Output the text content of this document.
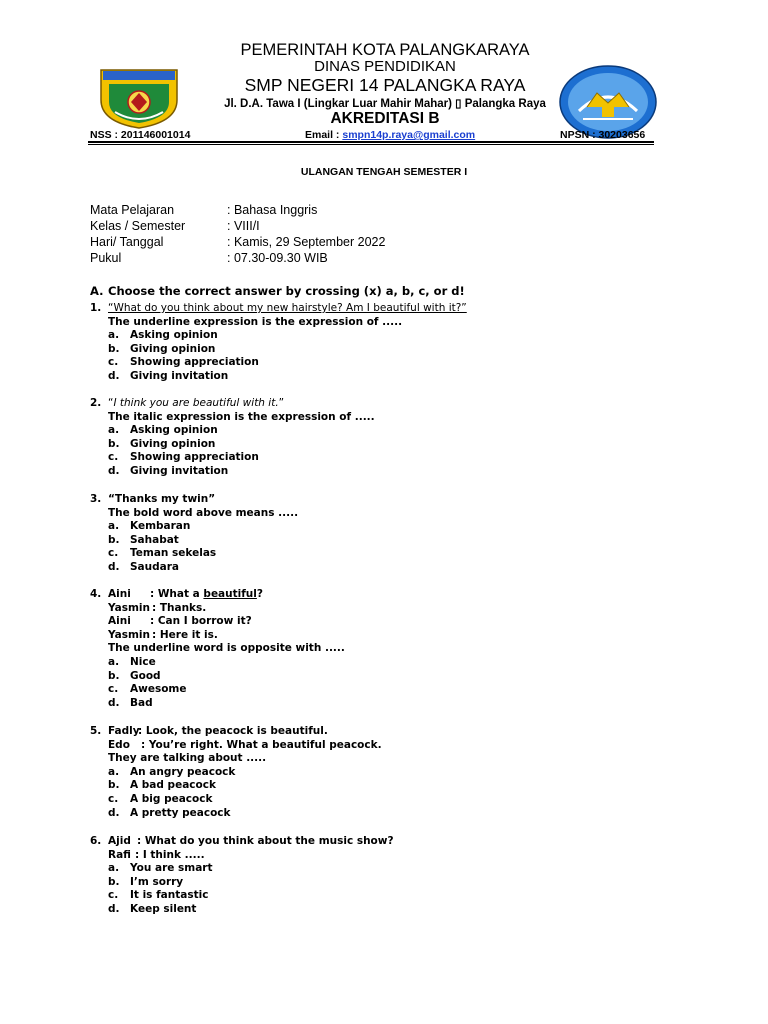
PEMERINTAH KOTA PALANGKARAYA
DINAS PENDIDIKAN
SMP NEGERI 14 PALANGKA RAYA
Jl. D.A. Tawa I (Lingkar Luar Mahir Mahar) ▯ Palangka Raya
AKREDITASI B
NSS : 201146001014	Email : smpn14p.raya@gmail.com	NPSN : 30203656
ULANGAN TENGAH SEMESTER I
Mata Pelajaran	: Bahasa Inggris
Kelas / Semester	: VIII/I
Hari/ Tanggal	: Kamis, 29 September 2022
Pukul	: 07.30-09.30 WIB
A. Choose the correct answer by crossing (x) a, b, c, or d!
1. “What do you think about my new hairstyle? Am I beautiful with it?”
The underline expression is the expression of .....
a. Asking opinion
b. Giving opinion
c. Showing appreciation
d. Giving invitation
2. “I think you are beautiful with it.”
The italic expression is the expression of .....
a. Asking opinion
b. Giving opinion
c. Showing appreciation
d. Giving invitation
3. “Thanks my twin”
The bold word above means .....
a. Kembaran
b. Sahabat
c. Teman sekelas
d. Saudara
4. Aini : What a beautiful?
Yasmin : Thanks.
Aini : Can I borrow it?
Yasmin : Here it is.
The underline word is opposite with .....
a. Nice
b. Good
c. Awesome
d. Bad
5. Fadly
: Look, the peacock is beautiful.
Edo : You’re right. What a beautiful peacock.
They are talking about .....
a. An angry peacock
b. A bad peacock
c. A big peacock
d. A pretty peacock
6. Ajid : What do you think about the music show?
Rafi : I think .....
a. You are smart
b. I’m sorry
c. It is fantastic
d. Keep silent
